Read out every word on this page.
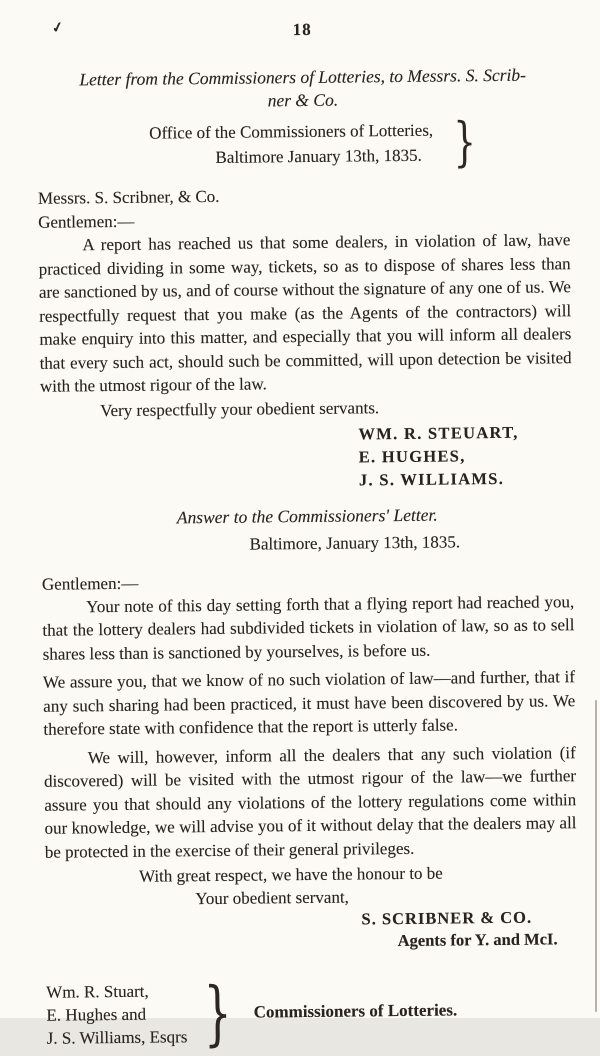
✓	18
Letter from the Commissioners of Lotteries, to Messrs. S. Scrib-
ner & Co.
Office of the Commissioners of Lotteries,
Baltimore January 13th, 1835. }
Messrs. S. Scribner, & Co.
Gentlemen:—
A report has reached us that some dealers, in violation of law, have practiced dividing in some way, tickets, so as to dispose of shares less than are sanctioned by us, and of course without the signature of any one of us. We respectfully request that you make (as the Agents of the contractors) will make enquiry into this matter, and especially that you will inform all dealers that every such act, should such be committed, will upon detection be visited with the utmost rigour of the law.
Very respectfully your obedient servants.
WM. R. STEUART,
E. HUGHES,
J. S. WILLIAMS.
Answer to the Commissioners' Letter.
Baltimore, January 13th, 1835.
Gentlemen:—
Your note of this day setting forth that a flying report had reached you, that the lottery dealers had subdivided tickets in violation of law, so as to sell shares less than is sanctioned by yourselves, is before us.
We assure you, that we know of no such violation of law—and further, that if any such sharing had been practiced, it must have been discovered by us. We therefore state with confidence that the report is utterly false.
We will, however, inform all the dealers that any such violation (if discovered) will be visited with the utmost rigour of the law—we further assure you that should any violations of the lottery regulations come within our knowledge, we will advise you of it without delay that the dealers may all be protected in the exercise of their general privileges.
With great respect, we have the honour to be
Your obedient servant,
S. SCRIBNER & CO.
Agents for Y. and McI.
Wm. R. Stuart,
E. Hughes and
J. S. Williams, Esqrs } Commissioners of Lotteries.
